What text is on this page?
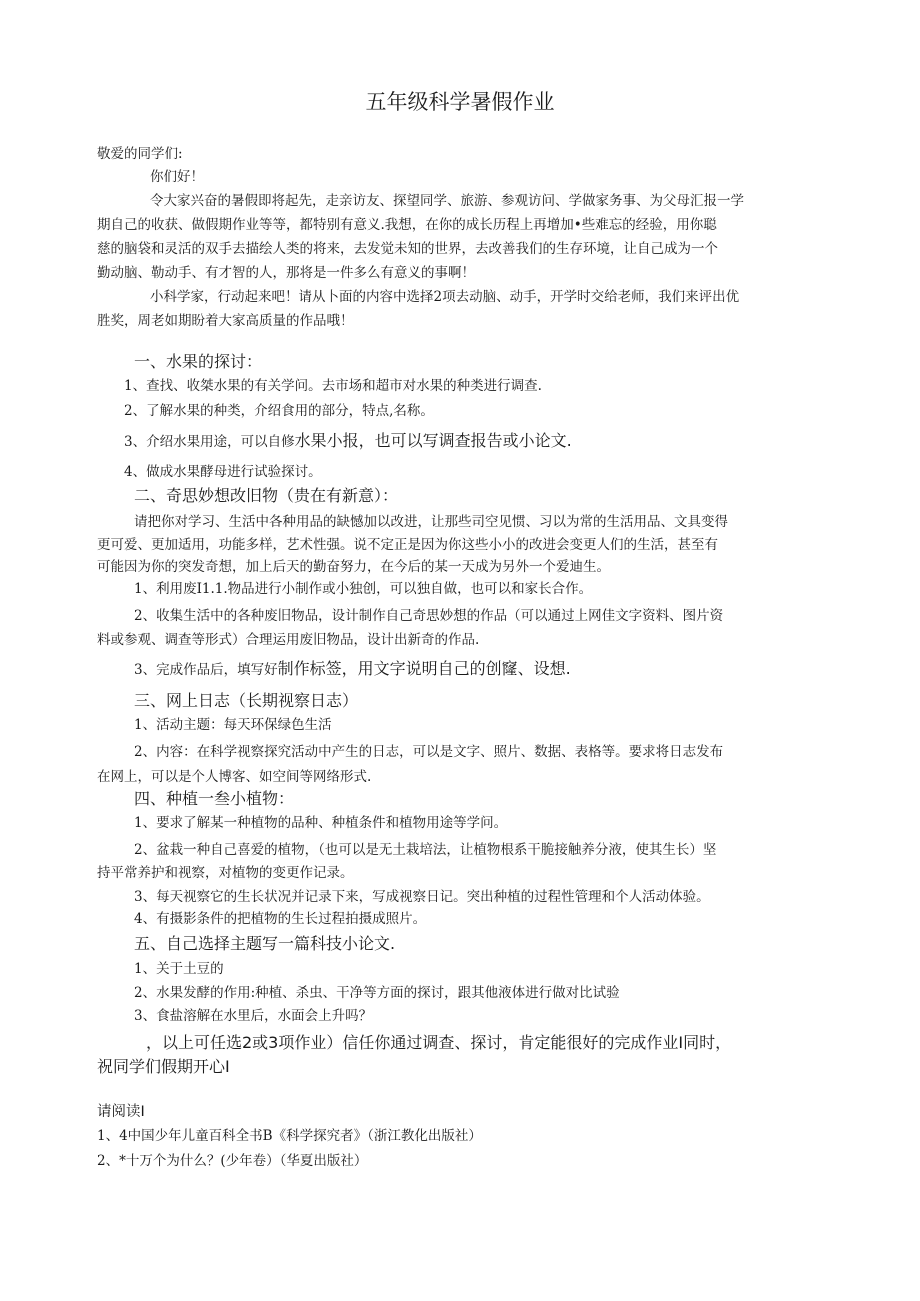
五年级科学暑假作业
敬爱的同学们:
你们好！
令大家兴奋的暑假即将起先，走亲访友、探望同学、旅游、参观访问、学做家务事、为父母汇报一学
期自己的收获、做假期作业等等，都特别有意义.我想，在你的成长历程上再增加•些难忘的经验，用你聪
慈的脑袋和灵活的双手去描绘人类的将来，去发觉未知的世界，去改善我们的生存环境，让自己成为一个
勤动脑、勒动手、有才智的人，那将是一件多么有意义的事啊！
小科学家，行动起来吧！请从卜面的内容中选择2项去动脑、动手，开学时交给老师，我们来评出优
胜奖，周老如期盼着大家高质量的作品哦！
一、水果的探讨：
1、查找、收桀水果的有关学问。去市场和超市对水果的种类进行调查.
2、了解水果的种类，介绍食用的部分，特点,名称。
3、介绍水果用途，可以自修水果小报，也可以写调查报告或小论文.
4、做成水果酵母进行试验探讨。
二、奇思妙想改旧物（贵在有新意）：
请把你对学习、生活中各种用品的缺憾加以改进，让那些司空见惯、习以为常的生活用品、文具变得
更可爱、更加适用，功能多样，艺术性强。说不定正是因为你这些小小的改进会变更人们的生活，甚至有
可能因为你的突发奇想，加上后天的勤奋努力，在今后的某一天成为另外一个爱迪生。
1、利用废I1.1.物品进行小制作或小独创，可以独自做，也可以和家长合作。
2、收集生活中的各种废旧物品，设计制作自己奇思妙想的作品（可以通过上网佳文字资料、图片资
料或参观、调查等形式）合理运用废旧物品，设计出新奇的作品.
3、完成作品后，填写好制作标签，用文字说明自己的创窿、设想.
三、网上日志（长期视察日志）
1、活动主题：每天环保绿色生活
2、内容：在科学视察探究活动中产生的日志，可以是文字、照片、数据、表格等。要求将日志发布
在网上，可以是个人博客、如空间等网络形式.
四、种植一叁小植物：
1、要求了解某一种植物的品种、种植条件和植物用途等学问。
2、盆栽一种自己喜爱的植物，（也可以是无土栽培法，让植物根系干脆接触养分液，使其生长）坚
持平常养护和视察，对植物的变更作记录。
3、每天视察它的生长状况并记录下来，写成视察日记。突出种植的过程性管理和个人活动体验。
4、有摄影条件的把植物的生长过程拍摄成照片。
五、自己选择主题写一篇科技小论文.
1、关于土豆的
2、水果发酵的作用:种植、杀虫、干净等方面的探讨，跟其他液体进行做对比试验
3、食盐溶解在水里后，水面会上升吗？
，以上可任选2或3项作业）信任你通过调查、探讨，肯定能很好的完成作业I同时，
祝同学们假期开心I
请阅读I
1、4中国少年儿童百科全书B《科学探究者》（浙江教化出版社）
2、*十万个为什么？(少年卷）（华夏出版社）
